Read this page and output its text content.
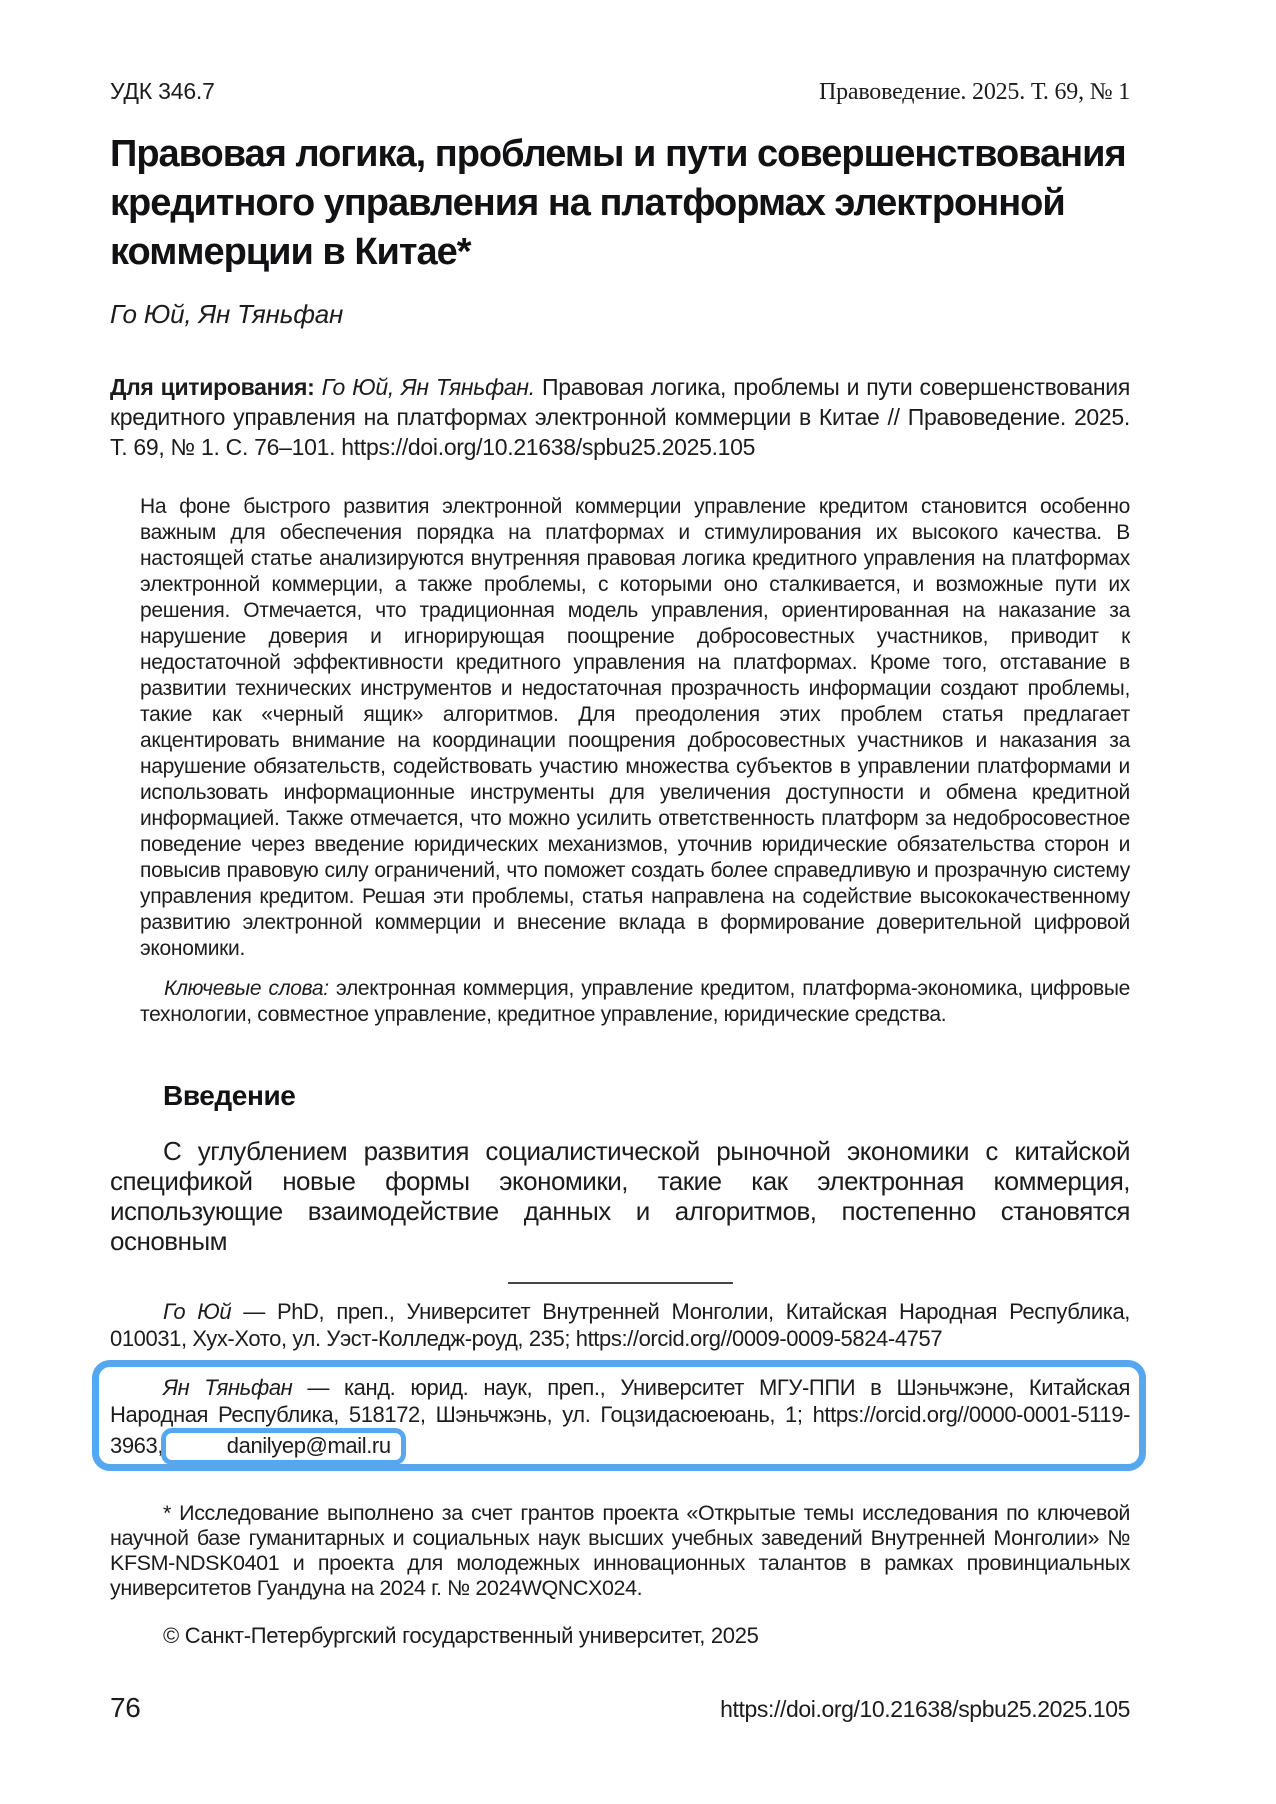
УДК 346.7	Правоведение. 2025. Т. 69, № 1
Правовая логика, проблемы и пути совершенствования кредитного управления на платформах электронной коммерции в Китае*
Го Юй, Ян Тяньфан

Для цитирования: Го Юй, Ян Тяньфан. Правовая логика, проблемы и пути совершенствования кредитного управления на платформах электронной коммерции в Китае // Правоведение. 2025. Т. 69, № 1. С. 76–101. https://doi.org/10.21638/spbu25.2025.105

На фоне быстрого развития электронной коммерции управление кредитом становится особенно важным для обеспечения порядка на платформах и стимулирования их высокого качества. В настоящей статье анализируются внутренняя правовая логика кредитного управления на платформах электронной коммерции, а также проблемы, с которыми оно сталкивается, и возможные пути их решения. Отмечается, что традиционная модель управления, ориентированная на наказание за нарушение доверия и игнорирующая поощрение добросовестных участников, приводит к недостаточной эффективности кредитного управления на платформах. Кроме того, отставание в развитии технических инструментов и недостаточная прозрачность информации создают проблемы, такие как «черный ящик» алгоритмов. Для преодоления этих проблем статья предлагает акцентировать внимание на координации поощрения добросовестных участников и наказания за нарушение обязательств, содействовать участию множества субъектов в управлении платформами и использовать информационные инструменты для увеличения доступности и обмена кредитной информацией. Также отмечается, что можно усилить ответственность платформ за недобросовестное поведение через введение юридических механизмов, уточнив юридические обязательства сторон и повысив правовую силу ограничений, что поможет создать более справедливую и прозрачную систему управления кредитом. Решая эти проблемы, статья направлена на содействие высококачественному развитию электронной коммерции и внесение вклада в формирование доверительной цифровой экономики.

Ключевые слова: электронная коммерция, управление кредитом, платформа-экономика, цифровые технологии, совместное управление, кредитное управление, юридические средства.

Введение

С углублением развития социалистической рыночной экономики с китайской спецификой новые формы экономики, такие как электронная коммерция, использующие взаимодействие данных и алгоритмов, постепенно становятся основным

Го Юй — PhD, преп., Университет Внутренней Монголии, Китайская Народная Республика, 010031, Хух-Хото, ул. Уэст-Колледж-роуд, 235; https://orcid.org//0009-0009-5824-4757

Ян Тяньфан — канд. юрид. наук, преп., Университет МГУ-ППИ в Шэньчжэне, Китайская Народная Республика, 518172, Шэньчжэнь, ул. Гоцзидасюеюань, 1; https://orcid.org//0000-0001-5119-3963,	danilyep@mail.ru

* Исследование выполнено за счет грантов проекта «Открытые темы исследования по ключевой научной базе гуманитарных и социальных наук высших учебных заведений Внутренней Монголии» № KFSM-NDSK0401 и проекта для молодежных инновационных талантов в рамках провинциальных университетов Гуандуна на 2024 г. № 2024WQNCX024.

© Санкт-Петербургский государственный университет, 2025

76	https://doi.org/10.21638/spbu25.2025.105
